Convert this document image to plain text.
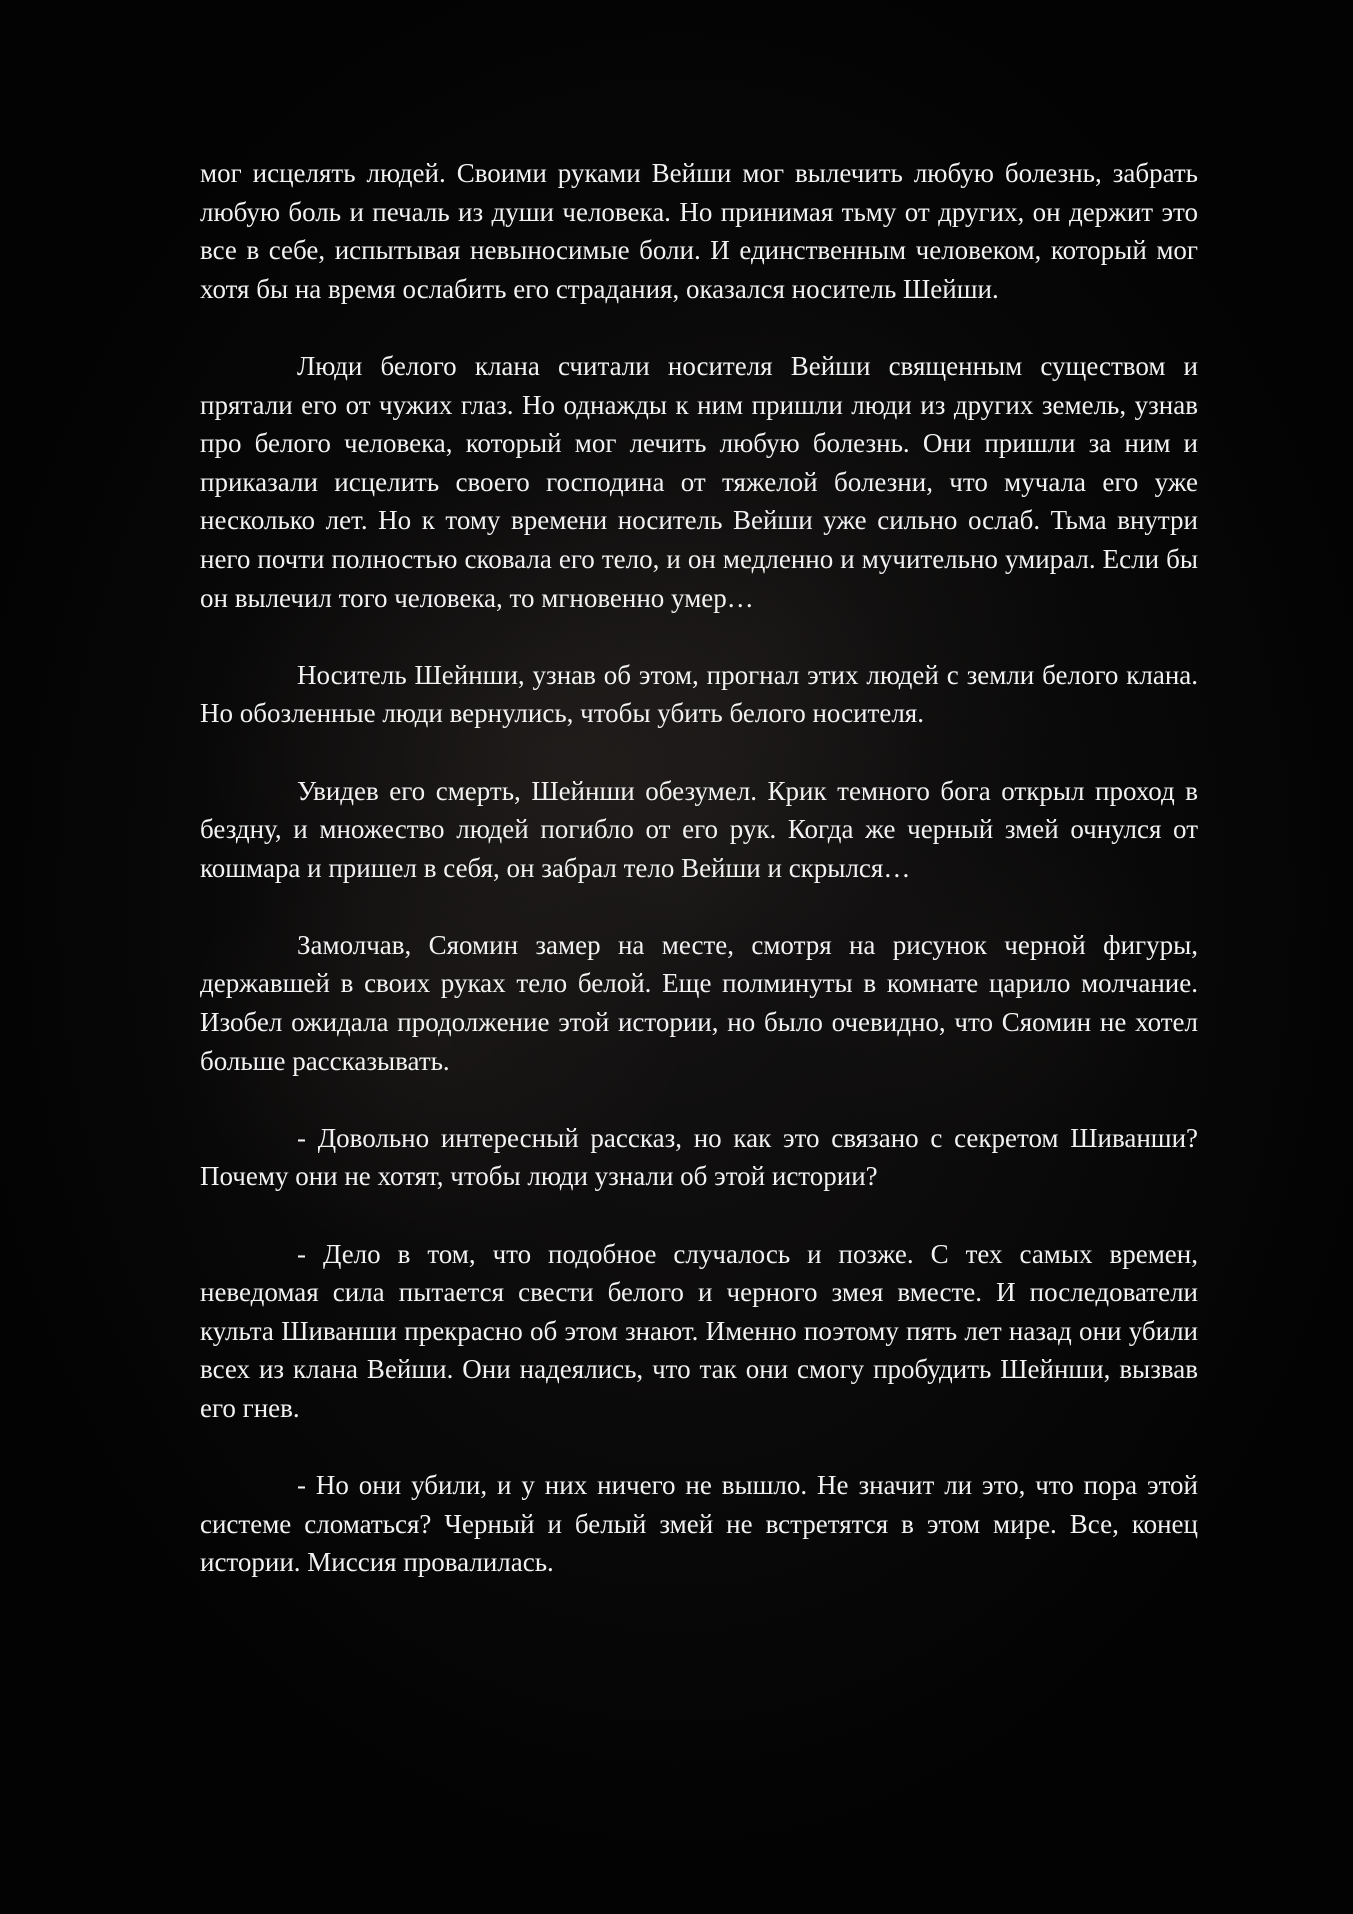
мог исцелять людей. Своими руками Вейши мог вылечить любую болезнь, забрать любую боль и печаль из души человека. Но принимая тьму от других, он держит это все в себе, испытывая невыносимые боли. И единственным человеком, который мог хотя бы на время ослабить его страдания, оказался носитель Шейши.

Люди белого клана считали носителя Вейши священным существом и прятали его от чужих глаз. Но однажды к ним пришли люди из других земель, узнав про белого человека, который мог лечить любую болезнь. Они пришли за ним и приказали исцелить своего господина от тяжелой болезни, что мучала его уже несколько лет. Но к тому времени носитель Вейши уже сильно ослаб. Тьма внутри него почти полностью сковала его тело, и он медленно и мучительно умирал. Если бы он вылечил того человека, то мгновенно умер…

Носитель Шейнши, узнав об этом, прогнал этих людей с земли белого клана. Но обозленные люди вернулись, чтобы убить белого носителя.

Увидев его смерть, Шейнши обезумел. Крик темного бога открыл проход в бездну, и множество людей погибло от его рук. Когда же черный змей очнулся от кошмара и пришел в себя, он забрал тело Вейши и скрылся…

Замолчав, Сяомин замер на месте, смотря на рисунок черной фигуры, державшей в своих руках тело белой. Еще полминуты в комнате царило молчание. Изобел ожидала продолжение этой истории, но было очевидно, что Сяомин не хотел больше рассказывать.

- Довольно интересный рассказ, но как это связано с секретом Шиванши? Почему они не хотят, чтобы люди узнали об этой истории?

- Дело в том, что подобное случалось и позже. С тех самых времен, неведомая сила пытается свести белого и черного змея вместе. И последователи культа Шиванши прекрасно об этом знают. Именно поэтому пять лет назад они убили всех из клана Вейши. Они надеялись, что так они смогу пробудить Шейнши, вызвав его гнев.

- Но они убили, и у них ничего не вышло. Не значит ли это, что пора этой системе сломаться? Черный и белый змей не встретятся в этом мире. Все, конец истории. Миссия провалилась.
